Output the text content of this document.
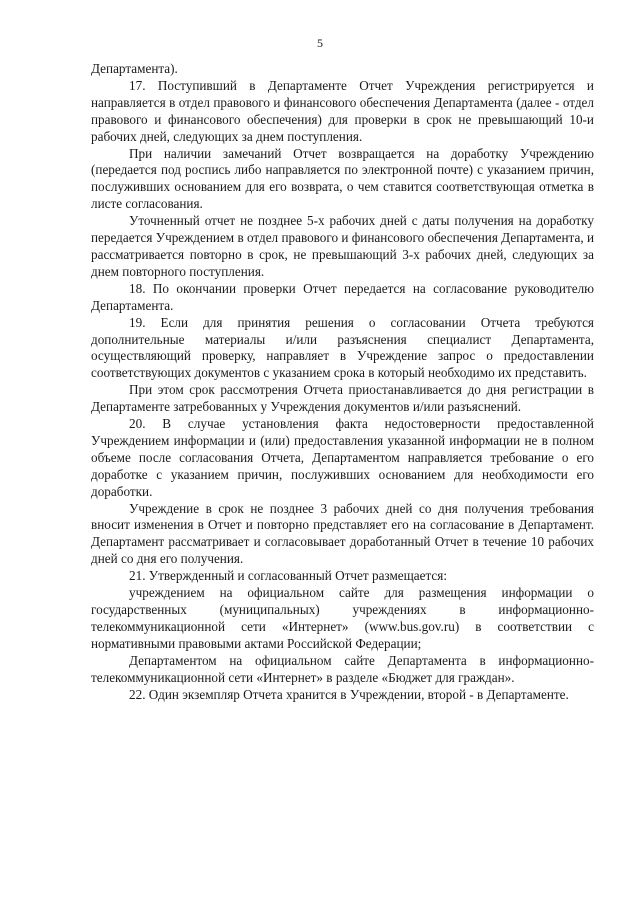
5

Департамента).

17. Поступивший в Департаменте Отчет Учреждения регистрируется и направляется в отдел правового и финансового обеспечения Департамента (далее - отдел правового и финансового обеспечения) для проверки в срок не превышающий 10-и рабочих дней, следующих за днем поступления.

При наличии замечаний Отчет возвращается на доработку Учреждению (передается под роспись либо направляется по электронной почте) с указанием причин, послуживших основанием для его возврата, о чем ставится соответствующая отметка в листе согласования.

Уточненный отчет не позднее 5-х рабочих дней с даты получения на доработку передается Учреждением в отдел правового и финансового обеспечения Департамента, и рассматривается повторно в срок, не превышающий 3-х рабочих дней, следующих за днем повторного поступления.

18. По окончании проверки Отчет передается на согласование руководителю Департамента.

19. Если для принятия решения о согласовании Отчета требуются дополнительные материалы и/или разъяснения специалист Департамента, осуществляющий проверку, направляет в Учреждение запрос о предоставлении соответствующих документов с указанием срока в который необходимо их представить.

При этом срок рассмотрения Отчета приостанавливается до дня регистрации в Департаменте затребованных у Учреждения документов и/или разъяснений.

20. В случае установления факта недостоверности предоставленной Учреждением информации и (или) предоставления указанной информации не в полном объеме после согласования Отчета, Департаментом направляется требование о его доработке с указанием причин, послуживших основанием для необходимости его доработки.

Учреждение в срок не позднее 3 рабочих дней со дня получения требования вносит изменения в Отчет и повторно представляет его на согласование в Департамент. Департамент рассматривает и согласовывает доработанный Отчет в течение 10 рабочих дней со дня его получения.

21. Утвержденный и согласованный Отчет размещается:

учреждением на официальном сайте для размещения информации о государственных (муниципальных) учреждениях в информационно-телекоммуникационной сети «Интернет» (www.bus.gov.ru) в соответствии с нормативными правовыми актами Российской Федерации;

Департаментом на официальном сайте Департамента в информационно-телекоммуникационной сети «Интернет» в разделе «Бюджет для граждан».

22. Один экземпляр Отчета хранится в Учреждении, второй - в Департаменте.
